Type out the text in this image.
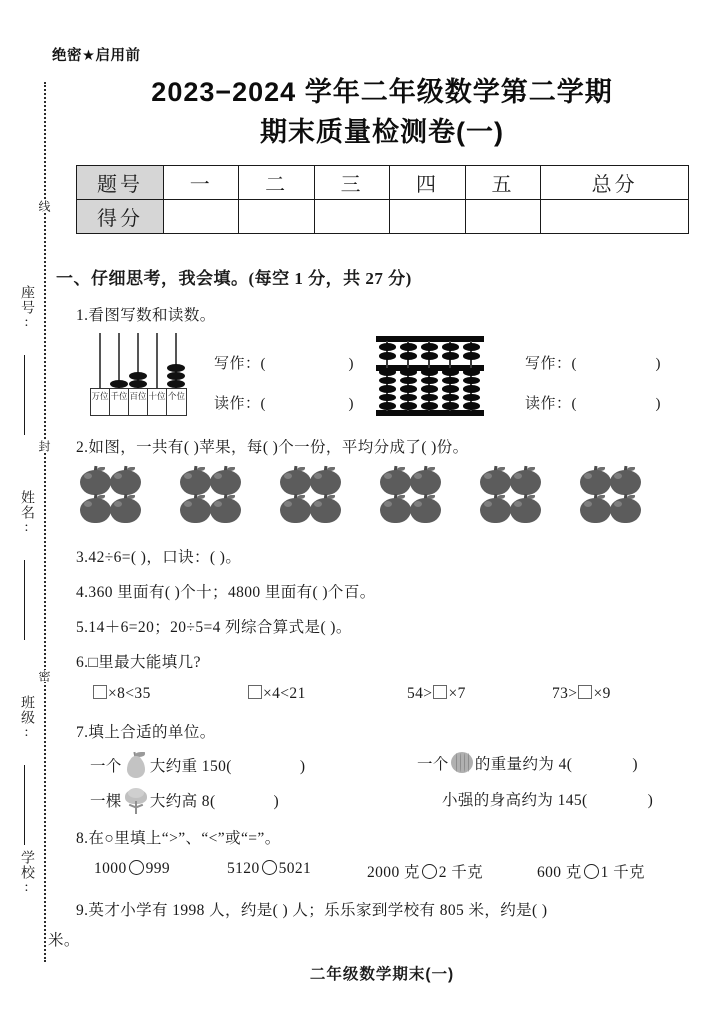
座号:
姓名:
班级:
学校:
线
封
密
绝密★启用前
2023−2024 学年二年级数学第二学期
期末质量检测卷(一)
题号	一	二	三	四	五	总分
得分						
一、仔细思考，我会填。(每空 1 分，共 27 分)
1.看图写数和读数。
万位 千位 百位 十位 个位
写作：(	)
读作：(	)
写作：(	)
读作：(	)
2.如图，一共有( )苹果，每( )个一份，平均分成了( )份。
3.42÷6=( )，口诀：( )。
4.360 里面有( )个十；4800 里面有( )个百。
5.14＋6=20；20÷5=4 列综合算式是( )。
6.□里最大能填几?
×8<35	×4<21	54> ×7	73> ×9
7.填上合适的单位。
一个 大约重 150(	)	一个 的重量约为 4(	)
一棵 大约高 8(	)	小强的身高约为 145(	)
8.在○里填上“>”、“<”或“=”。
1000 999	5120 5021	2000 克 2 千克	600 克 1 千克
9.英才小学有 1998 人，约是( ) 人；乐乐家到学校有 805 米，约是( )
米。
二年级数学期末(一)
